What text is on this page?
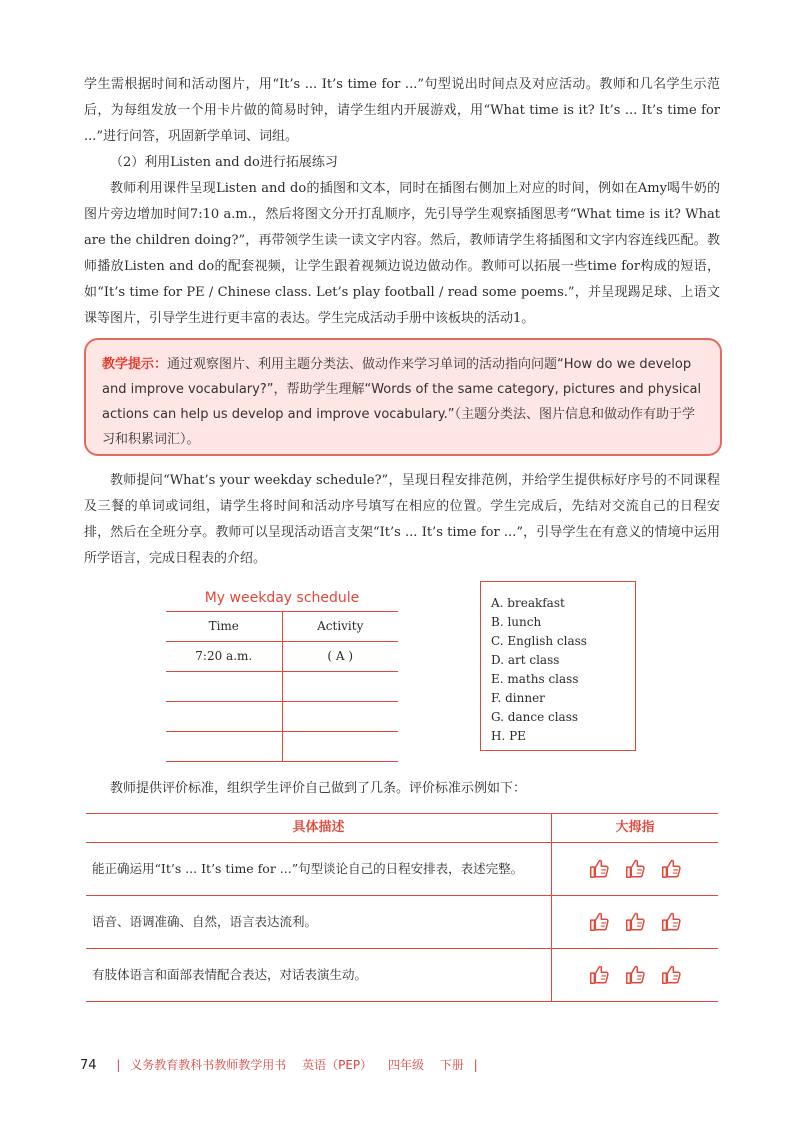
学生需根据时间和活动图片，用“It’s ... It’s time for ...”句型说出时间点及对应活动。教师和几名学生示范后，为每组发放一个用卡片做的简易时钟，请学生组内开展游戏，用“What time is it? It’s ... It’s time for ...”进行问答，巩固新学单词、词组。

（2）利用Listen and do进行拓展练习

教师利用课件呈现Listen and do的插图和文本，同时在插图右侧加上对应的时间，例如在Amy喝牛奶的图片旁边增加时间7:10 a.m.，然后将图文分开打乱顺序，先引导学生观察插图思考“What time is it? What are the children doing?”，再带领学生读一读文字内容。然后，教师请学生将插图和文字内容连线匹配。教师播放Listen and do的配套视频，让学生跟着视频边说边做动作。教师可以拓展一些time for构成的短语，如“It’s time for PE / Chinese class. Let’s play football / read some poems.”，并呈现踢足球、上语文课等图片，引导学生进行更丰富的表达。学生完成活动手册中该板块的活动1。

教学提示：通过观察图片、利用主题分类法、做动作来学习单词的活动指向问题“How do we develop and improve vocabulary?”，帮助学生理解“Words of the same category, pictures and physical actions can help us develop and improve vocabulary.”（主题分类法、图片信息和做动作有助于学习和积累词汇）。

教师提问“What’s your weekday schedule?”，呈现日程安排范例，并给学生提供标好序号的不同课程及三餐的单词或词组，请学生将时间和活动序号填写在相应的位置。学生完成后，先结对交流自己的日程安排，然后在全班分享。教师可以呈现活动语言支架“It’s ... It’s time for ...”，引导学生在有意义的情境中运用所学语言，完成日程表的介绍。

My weekday schedule
Time	Activity
7:20 a.m.	( A )
A. breakfast
B. lunch
C. English class
D. art class
E. maths class
F. dinner
G. dance class
H. PE

教师提供评价标准，组织学生评价自己做到了几条。评价标准示例如下：

具体描述	大拇指
能正确运用“It’s ... It’s time for ...”句型谈论自己的日程安排表，表述完整。
语音、语调准确、自然，语言表达流利。
有肢体语言和面部表情配合表达，对话表演生动。
74 | 义务教育教科书教师教学用书 英语（PEP） 四年级 下册 |
